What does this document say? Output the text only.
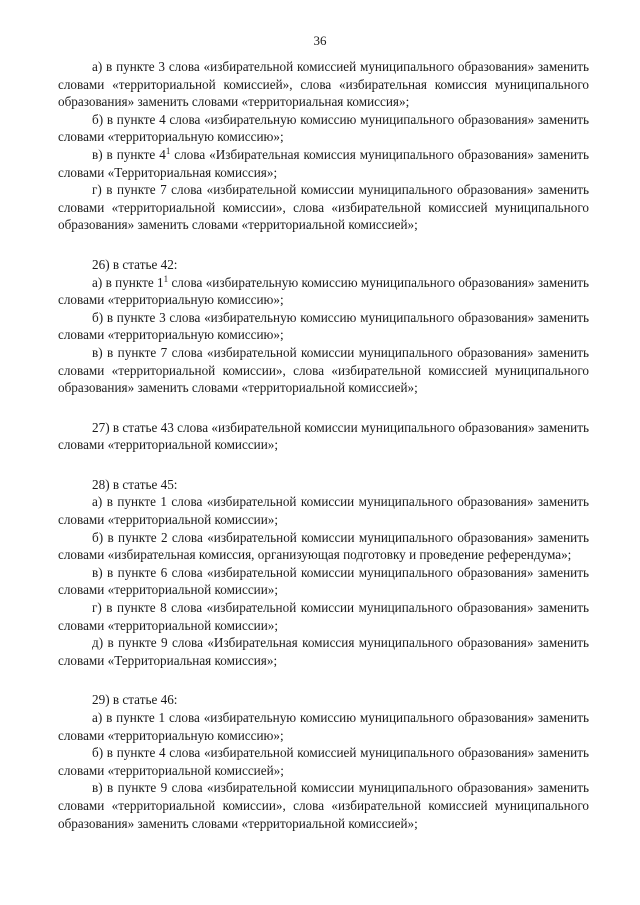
36

а) в пункте 3 слова «избирательной комиссией муниципального образования» заменить словами «территориальной комиссией», слова «избирательная комиссия муниципального образования» заменить словами «территориальная комиссия»;

б) в пункте 4 слова «избирательную комиссию муниципального образования» заменить словами «территориальную комиссию»;

в) в пункте $4^1$ слова «Избирательная комиссия муниципального образования» заменить словами «Территориальная комиссия»;

г) в пункте 7 слова «избирательной комиссии муниципального образования» заменить словами «территориальной комиссии», слова «избирательной комиссией муниципального образования» заменить словами «территориальной комиссией»;

26) в статье 42:

а) в пункте $1^1$ слова «избирательную комиссию муниципального образования» заменить словами «территориальную комиссию»;

б) в пункте 3 слова «избирательную комиссию муниципального образования» заменить словами «территориальную комиссию»;

в) в пункте 7 слова «избирательной комиссии муниципального образования» заменить словами «территориальной комиссии», слова «избирательной комиссией муниципального образования» заменить словами «территориальной комиссией»;

27) в статье 43 слова «избирательной комиссии муниципального образования» заменить словами «территориальной комиссии»;

28) в статье 45:

а) в пункте 1 слова «избирательной комиссии муниципального образования» заменить словами «территориальной комиссии»;

б) в пункте 2 слова «избирательной комиссии муниципального образования» заменить словами «избирательная комиссия, организующая подготовку и проведение референдума»;

в) в пункте 6 слова «избирательной комиссии муниципального образования» заменить словами «территориальной комиссии»;

г) в пункте 8 слова «избирательной комиссии муниципального образования» заменить словами «территориальной комиссии»;

д) в пункте 9 слова «Избирательная комиссия муниципального образования» заменить словами «Территориальная комиссия»;

29) в статье 46:

а) в пункте 1 слова «избирательную комиссию муниципального образования» заменить словами «территориальную комиссию»;

б) в пункте 4 слова «избирательной комиссией муниципального образования» заменить словами «территориальной комиссией»;

в) в пункте 9 слова «избирательной комиссии муниципального образования» заменить словами «территориальной комиссии», слова «избирательной комиссией муниципального образования» заменить словами «территориальной комиссией»;
